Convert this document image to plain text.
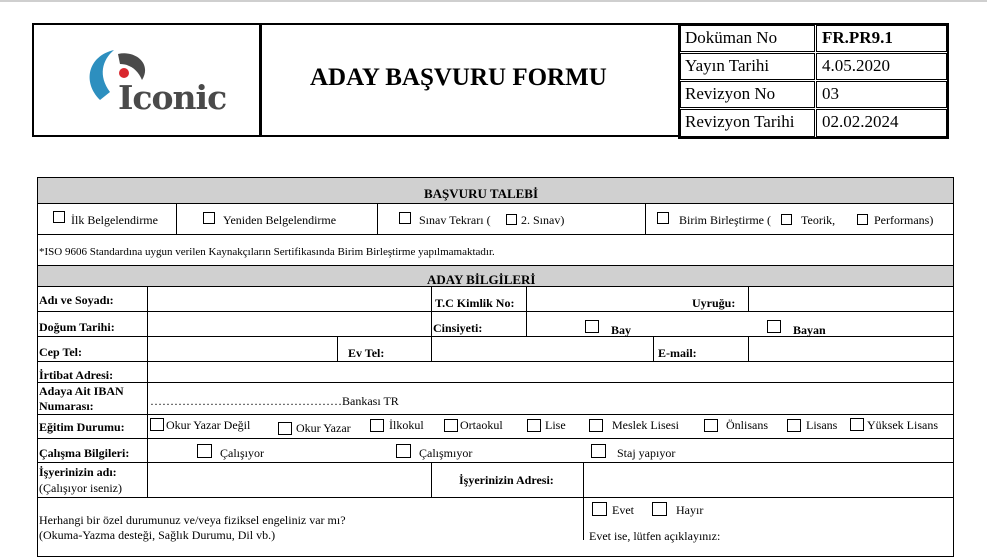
Iconic
ADAY BAŞVURU FORMU
Doküman No	FR.PR9.1
Yayın Tarihi	4.05.2020
Revizyon No	03
Revizyon Tarihi 02.02.2024
BAŞVURU TALEBİ
İlk Belgelendirme	Yeniden Belgelendirme	Sınav Tekrarı (	2. Sınav)	Birim Birleştirme (	Teorik,	Performans)
*ISO 9606 Standardına uygun verilen Kaynakçıların Sertifikasında Birim Birleştirme yapılmamaktadır.
ADAY BİLGİLERİ
Adı ve Soyadı:	T.C Kimlik No:	Uyruğu:
Doğum Tarihi:	Cinsiyeti:	Bay	Bayan
Cep Tel:	Ev Tel:	E-mail:
İrtibat Adresi:
Adaya Ait IBAN
Numarası:	…………………………………………Bankası TR
Eğitim Durumu:	Okur Yazar Değil	Okur Yazar	İlkokul	Ortaokul	Lise	Meslek Lisesi	Önlisans	Lisans Yüksek Lisans
Çalışma Bilgileri:	Çalışıyor	Çalışmıyor	Staj yapıyor
İşyerinizin adı:
(Çalışıyor iseniz)
İşyerinizin Adresi:
Herhangi bir özel durumunuz ve/veya fiziksel engeliniz var mı?
(Okuma-Yazma desteği, Sağlık Durumu, Dil vb.)
Evet	Hayır
Evet ise, lütfen açıklayınız:
